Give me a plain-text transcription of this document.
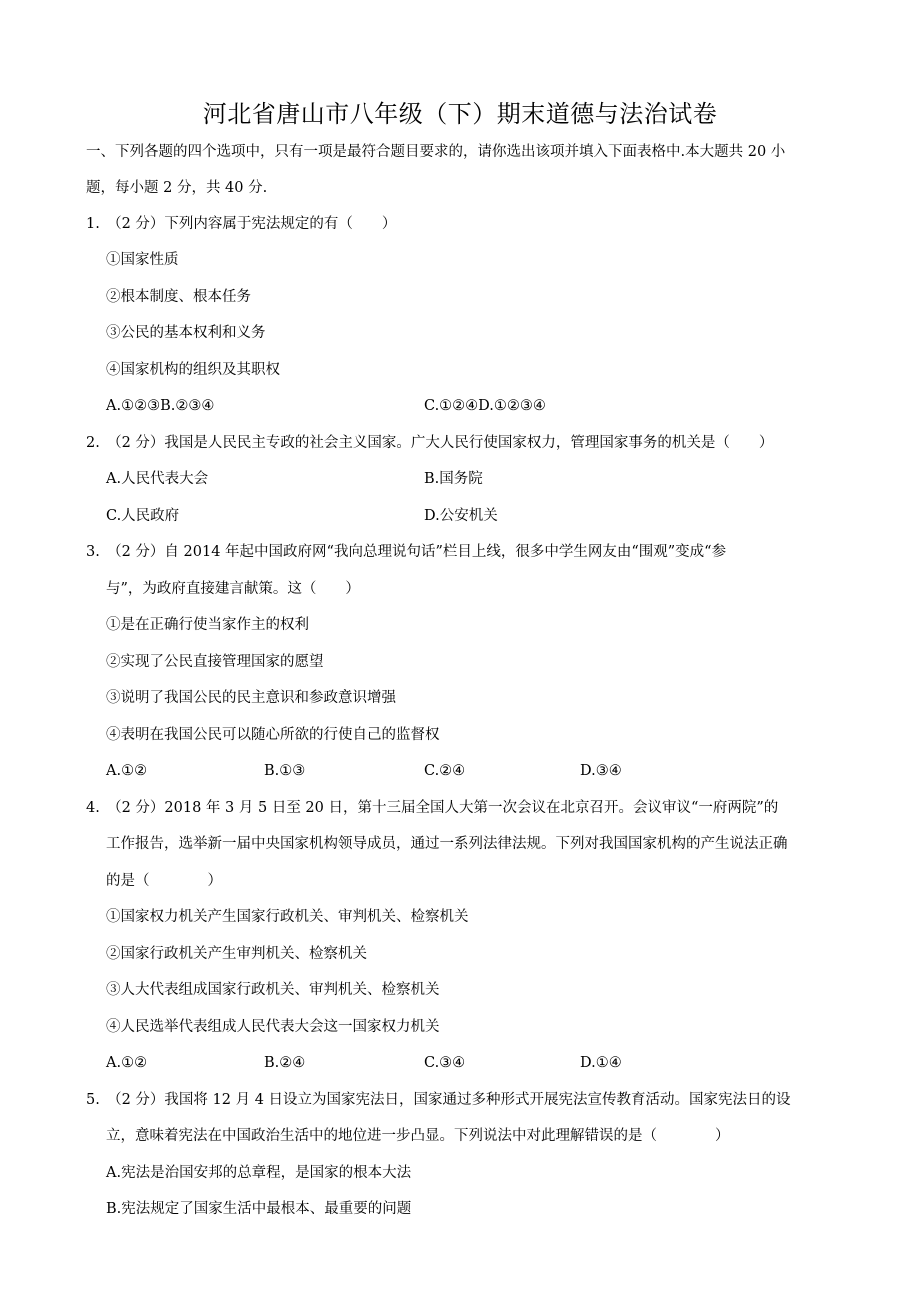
河北省唐山市八年级（下）期末道德与法治试卷
一、下列各题的四个选项中，只有一项是最符合题目要求的，请你选出该项并填入下面表格中.本大题共 20 小
题，每小题 2 分，共 40 分.
1.　（2 分）下列内容属于宪法规定的有（　　）
①国家性质
②根本制度、根本任务
③公民的基本权利和义务
④国家机构的组织及其职权
A.①②③B.②③④	C.①②④D.①②③④
2.　（2 分）我国是人民民主专政的社会主义国家。广大人民行使国家权力，管理国家事务的机关是（　　）
A.人民代表大会	B.国务院
C.人民政府	D.公安机关
3.　（2 分）自 2014 年起中国政府网“我向总理说句话”栏目上线，很多中学生网友由“围观”变成“参
与”，为政府直接建言献策。这（　　）
①是在正确行使当家作主的权利
②实现了公民直接管理国家的愿望
③说明了我国公民的民主意识和参政意识增强
④表明在我国公民可以随心所欲的行使自己的监督权
A.①②	B.①③	C.②④	D.③④
4.　（2 分）2018 年 3 月 5 日至 20 日，第十三届全国人大第一次会议在北京召开。会议审议“一府两院”的
工作报告，选举新一届中央国家机构领导成员，通过一系列法律法规。下列对我国国家机构的产生说法正确
的是（　　　　）
①国家权力机关产生国家行政机关、审判机关、检察机关
②国家行政机关产生审判机关、检察机关
③人大代表组成国家行政机关、审判机关、检察机关
④人民选举代表组成人民代表大会这一国家权力机关
A.①②	B.②④	C.③④	D.①④
5.　（2 分）我国将 12 月 4 日设立为国家宪法日，国家通过多种形式开展宪法宣传教育活动。国家宪法日的设
立，意味着宪法在中国政治生活中的地位进一步凸显。下列说法中对此理解错误的是（　　　　）
A.宪法是治国安邦的总章程，是国家的根本大法
B.宪法规定了国家生活中最根本、最重要的问题
